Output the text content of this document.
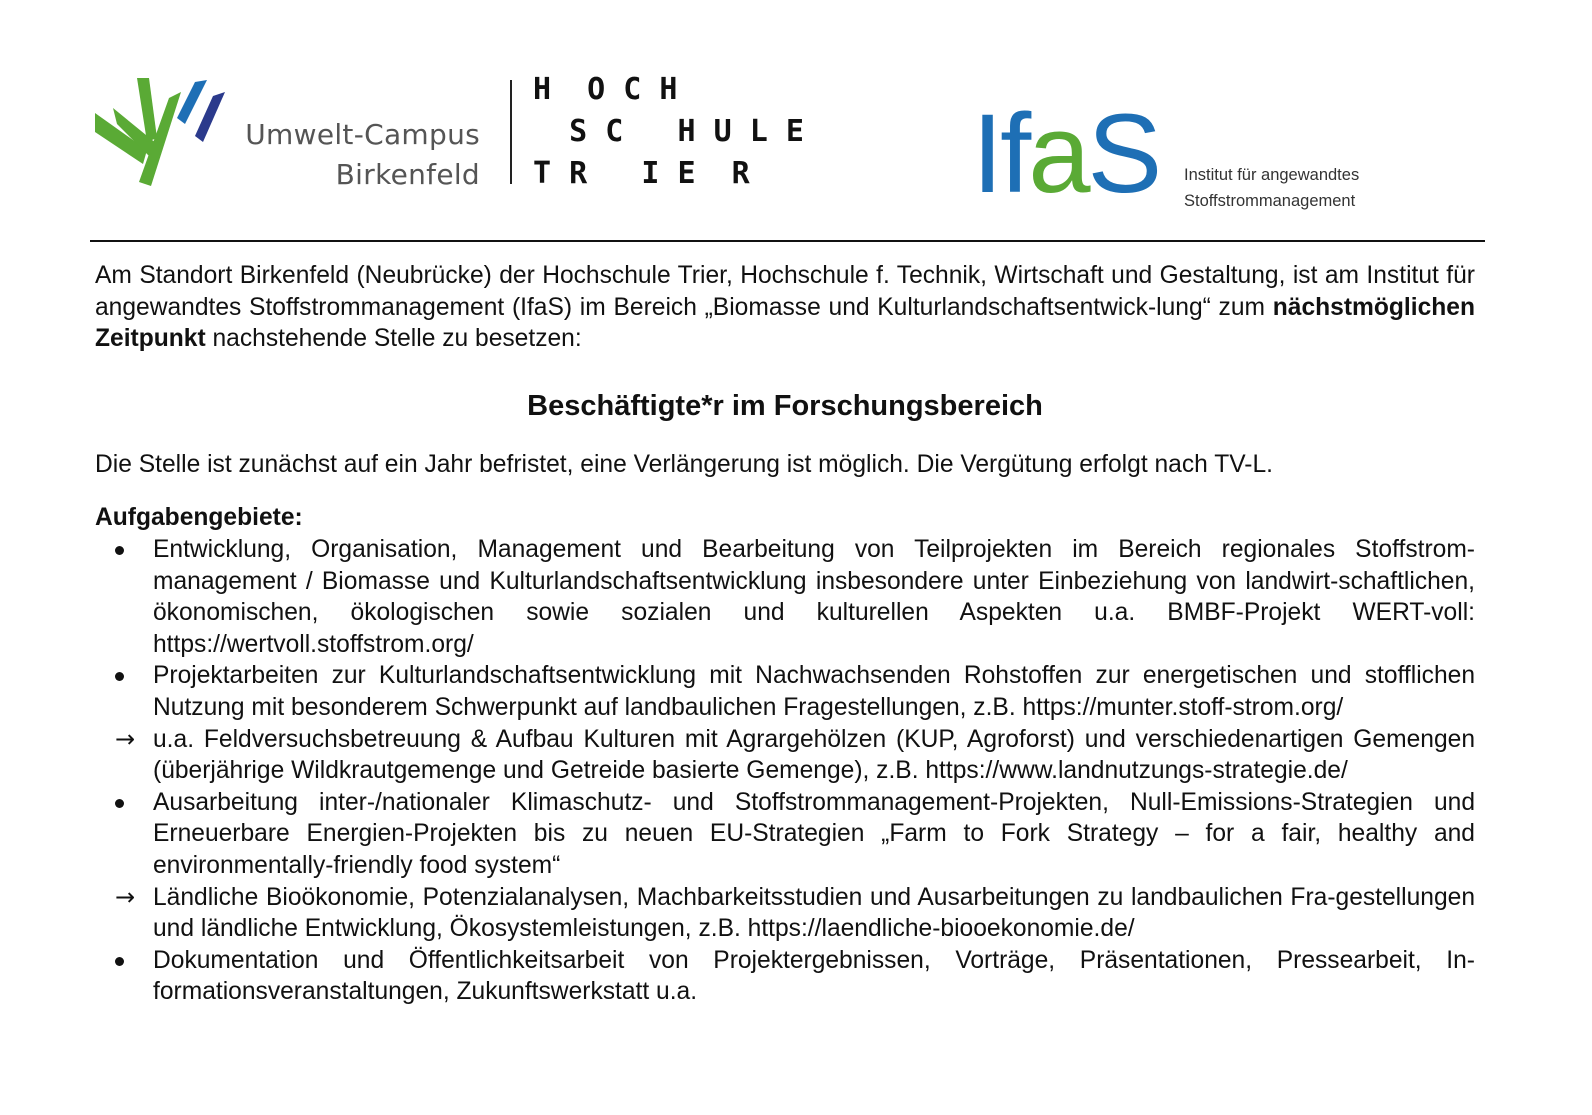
Umwelt-Campus
Birkenfeld
H  O C H
S C   H U L E
T R   I E  R IfaS Institut für angewandtes
Stoffstrommanagement

Am Standort Birkenfeld (Neubrücke) der Hochschule Trier, Hochschule f. Technik, Wirtschaft und Gestaltung, ist am Institut für angewandtes Stoffstrommanagement (IfaS) im Bereich „Biomasse und Kulturlandschaftsentwick-lung“ zum nächstmöglichen Zeitpunkt nachstehende Stelle zu besetzen:

Beschäftigte*r im Forschungsbereich

Die Stelle ist zunächst auf ein Jahr befristet, eine Verlängerung ist möglich. Die Vergütung erfolgt nach TV-L.

Aufgabengebiete:

Entwicklung, Organisation, Management und Bearbeitung von Teilprojekten im Bereich regionales Stoffstrom-management / Biomasse und Kulturlandschaftsentwicklung insbesondere unter Einbeziehung von landwirt-schaftlichen, ökonomischen, ökologischen sowie sozialen und kulturellen Aspekten u.a. BMBF-Projekt WERT-voll: https://wertvoll.stoffstrom.org/
Projektarbeiten zur Kulturlandschaftsentwicklung mit Nachwachsenden Rohstoffen zur energetischen und stofflichen Nutzung mit besonderem Schwerpunkt auf landbaulichen Fragestellungen, z.B. https://munter.stoff-strom.org/
→ u.a. Feldversuchsbetreuung & Aufbau Kulturen mit Agrargehölzen (KUP, Agroforst) und verschiedenartigen Gemengen (überjährige Wildkrautgemenge und Getreide basierte Gemenge), z.B. https://www.landnutzungs-strategie.de/
Ausarbeitung inter-/nationaler Klimaschutz- und Stoffstrommanagement-Projekten, Null-Emissions-Strategien und Erneuerbare Energien-Projekten bis zu neuen EU-Strategien „Farm to Fork Strategy – for a fair, healthy and environmentally-friendly food system“
→ Ländliche Bioökonomie, Potenzialanalysen, Machbarkeitsstudien und Ausarbeitungen zu landbaulichen Fra-gestellungen und ländliche Entwicklung, Ökosystemleistungen, z.B. https://laendliche-biooekonomie.de/
Dokumentation und Öffentlichkeitsarbeit von Projektergebnissen, Vorträge, Präsentationen, Pressearbeit, In-formationsveranstaltungen, Zukunftswerkstatt u.a.
